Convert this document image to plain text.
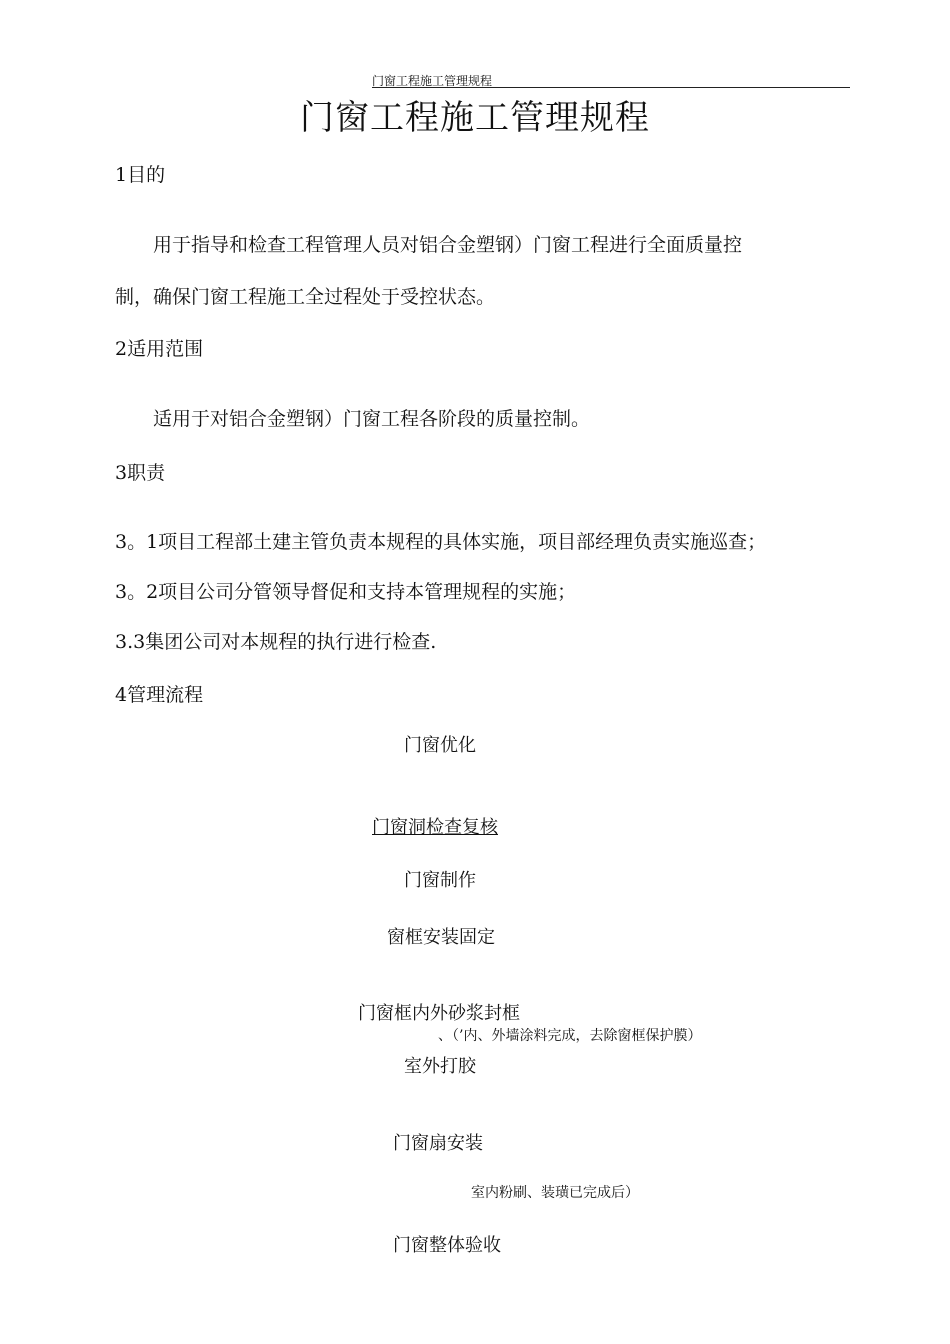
门窗工程施工管理规程
门窗工程施工管理规程
1目的
用于指导和检查工程管理人员对铝合金塑钢）门窗工程进行全面质量控
制，确保门窗工程施工全过程处于受控状态。
2适用范围
适用于对铝合金塑钢）门窗工程各阶段的质量控制。
3职责
3。1项目工程部土建主管负责本规程的具体实施，项目部经理负责实施巡查；
3。2项目公司分管领导督促和支持本管理规程的实施；
3.3集团公司对本规程的执行进行检查.
4管理流程
门窗优化
门窗洞检查复核
门窗制作
窗框安装固定
门窗框内外砂浆封框
、（’内、外墙涂料完成，去除窗框保护膜）
室外打胶
门窗扇安装
室内粉刷、装璜已完成后）
门窗整体验收
